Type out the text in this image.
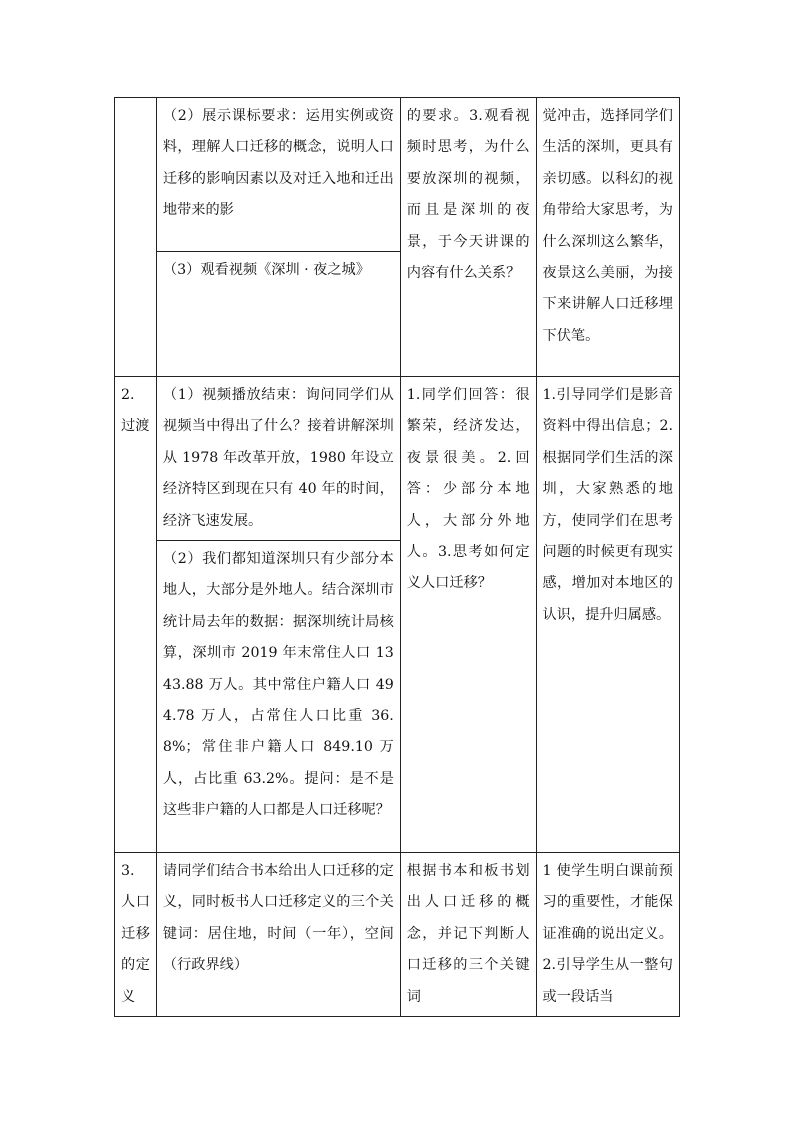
	（2）展示课标要求：运用实例或资料，理解人口迁移的概念，说明人口迁移的影响因素以及对迁入地和迁出地带来的影	的要求。3.观看视频时思考，为什么要放深圳的视频，而且是深圳的夜景，于今天讲课的内容有什么关系？	觉冲击，选择同学们生活的深圳，更具有亲切感。以科幻的视角带给大家思考，为什么深圳这么繁华，夜景这么美丽，为接下来讲解人口迁移埋下伏笔。

	（3）观看视频《深圳 · 夜之城》		

2. 过渡	（1）视频播放结束：询问同学们从视频当中得出了什么？接着讲解深圳从 1978 年改革开放，1980 年设立经济特区到现在只有 40 年的时间，经济飞速发展。	1.同学们回答：很繁荣，经济发达，夜景很美。2.回答：少部分本地人，大部分外地人。3.思考如何定义人口迁移？	1.引导同学们是影音资料中得出信息；2.根据同学们生活的深圳，大家熟悉的地方，使同学们在思考问题的时候更有现实感，增加对本地区的认识，提升归属感。

	（2）我们都知道深圳只有少部分本地人，大部分是外地人。结合深圳市统计局去年的数据：据深圳统计局核算，深圳市 2019 年末常住人口 1343.88 万人。其中常住户籍人口 494.78 万人，占常住人口比重 36.8%；常住非户籍人口 849.10 万人，占比重 63.2%。提问：是不是这些非户籍的人口都是人口迁移呢？		

3. 人口迁移的定义	请同学们结合书本给出人口迁移的定义，同时板书人口迁移定义的三个关键词：居住地，时间（一年），空间（行政界线）	根据书本和板书划出人口迁移的概念，并记下判断人口迁移的三个关键词	1 使学生明白课前预习的重要性，才能保证准确的说出定义。2.引导学生从一整句或一段话当
